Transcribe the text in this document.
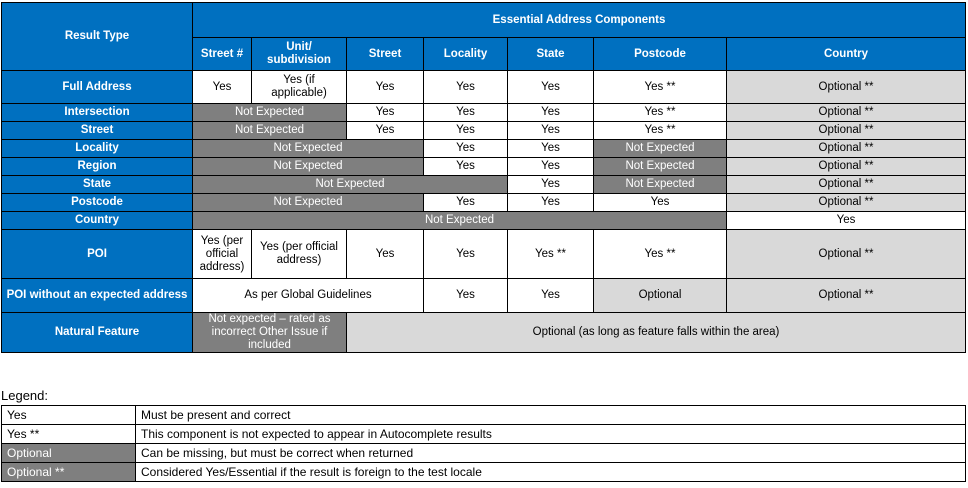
Result Type	Essential Address Components						
	Street #	Unit/ subdivision	Street	Locality	State	Postcode	Country
Full Address	Yes	Yes (if applicable)	Yes	Yes	Yes	Yes **	Optional **
Intersection	Not Expected		Yes	Yes	Yes	Yes **	Optional **
Street	Not Expected		Yes	Yes	Yes	Yes **	Optional **
Locality	Not Expected			Yes	Yes	Not Expected	Optional **
Region	Not Expected			Yes	Yes	Not Expected	Optional **
State	Not Expected				Yes	Not Expected	Optional **
Postcode	Not Expected			Yes	Yes	Yes	Optional **
Country	Not Expected						Yes
POI	Yes (per official address)	Yes (per official address)	Yes	Yes	Yes **	Yes **	Optional **
POI without an expected address	As per Global Guidelines			Yes	Yes	Optional	Optional **
Natural Feature	Not expected – rated as incorrect Other Issue if included		Optional (as long as feature falls within the area)				
Legend:
Yes	Must be present and correct
Yes **	This component is not expected to appear in Autocomplete results
Optional	Can be missing, but must be correct when returned
Optional **	Considered Yes/Essential if the result is foreign to the test locale
